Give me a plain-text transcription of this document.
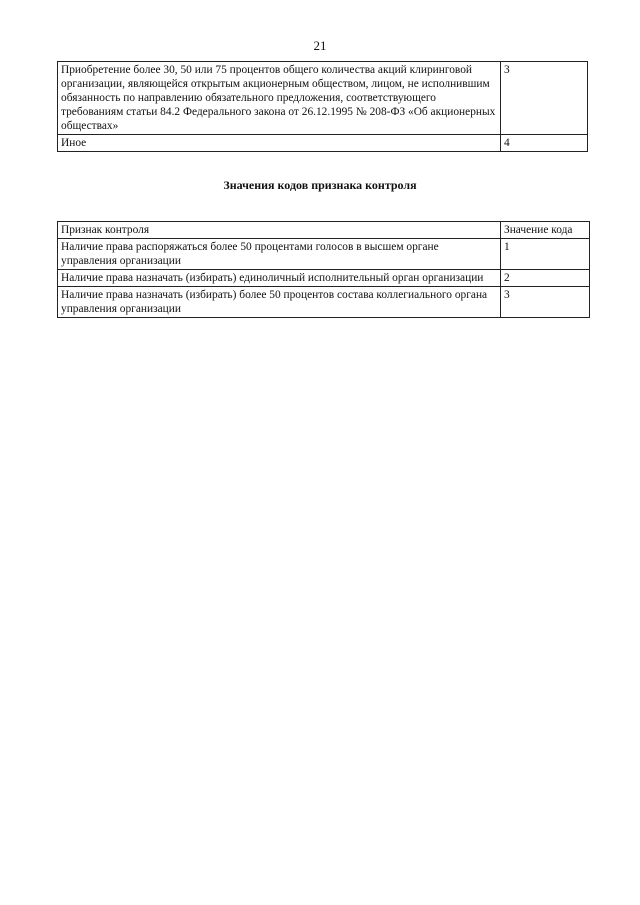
21
Приобретение более 30, 50 или 75 процентов общего количества акций клиринговой организации, являющейся открытым акционерным обществом, лицом, не исполнившим обязанность по направлению обязательного предложения, соответствующего требованиям статьи 84.2 Федерального закона от 26.12.1995 № 208-ФЗ «Об акционерных обществах»	3
Иное	4
Значения кодов признака контроля
Признак контроля	Значение кода
Наличие права распоряжаться более 50 процентами голосов в высшем органе управления организации	1
Наличие права назначать (избирать) единоличный исполнительный орган организации	2
Наличие права назначать (избирать) более 50 процентов состава коллегиального органа управления организации	3
